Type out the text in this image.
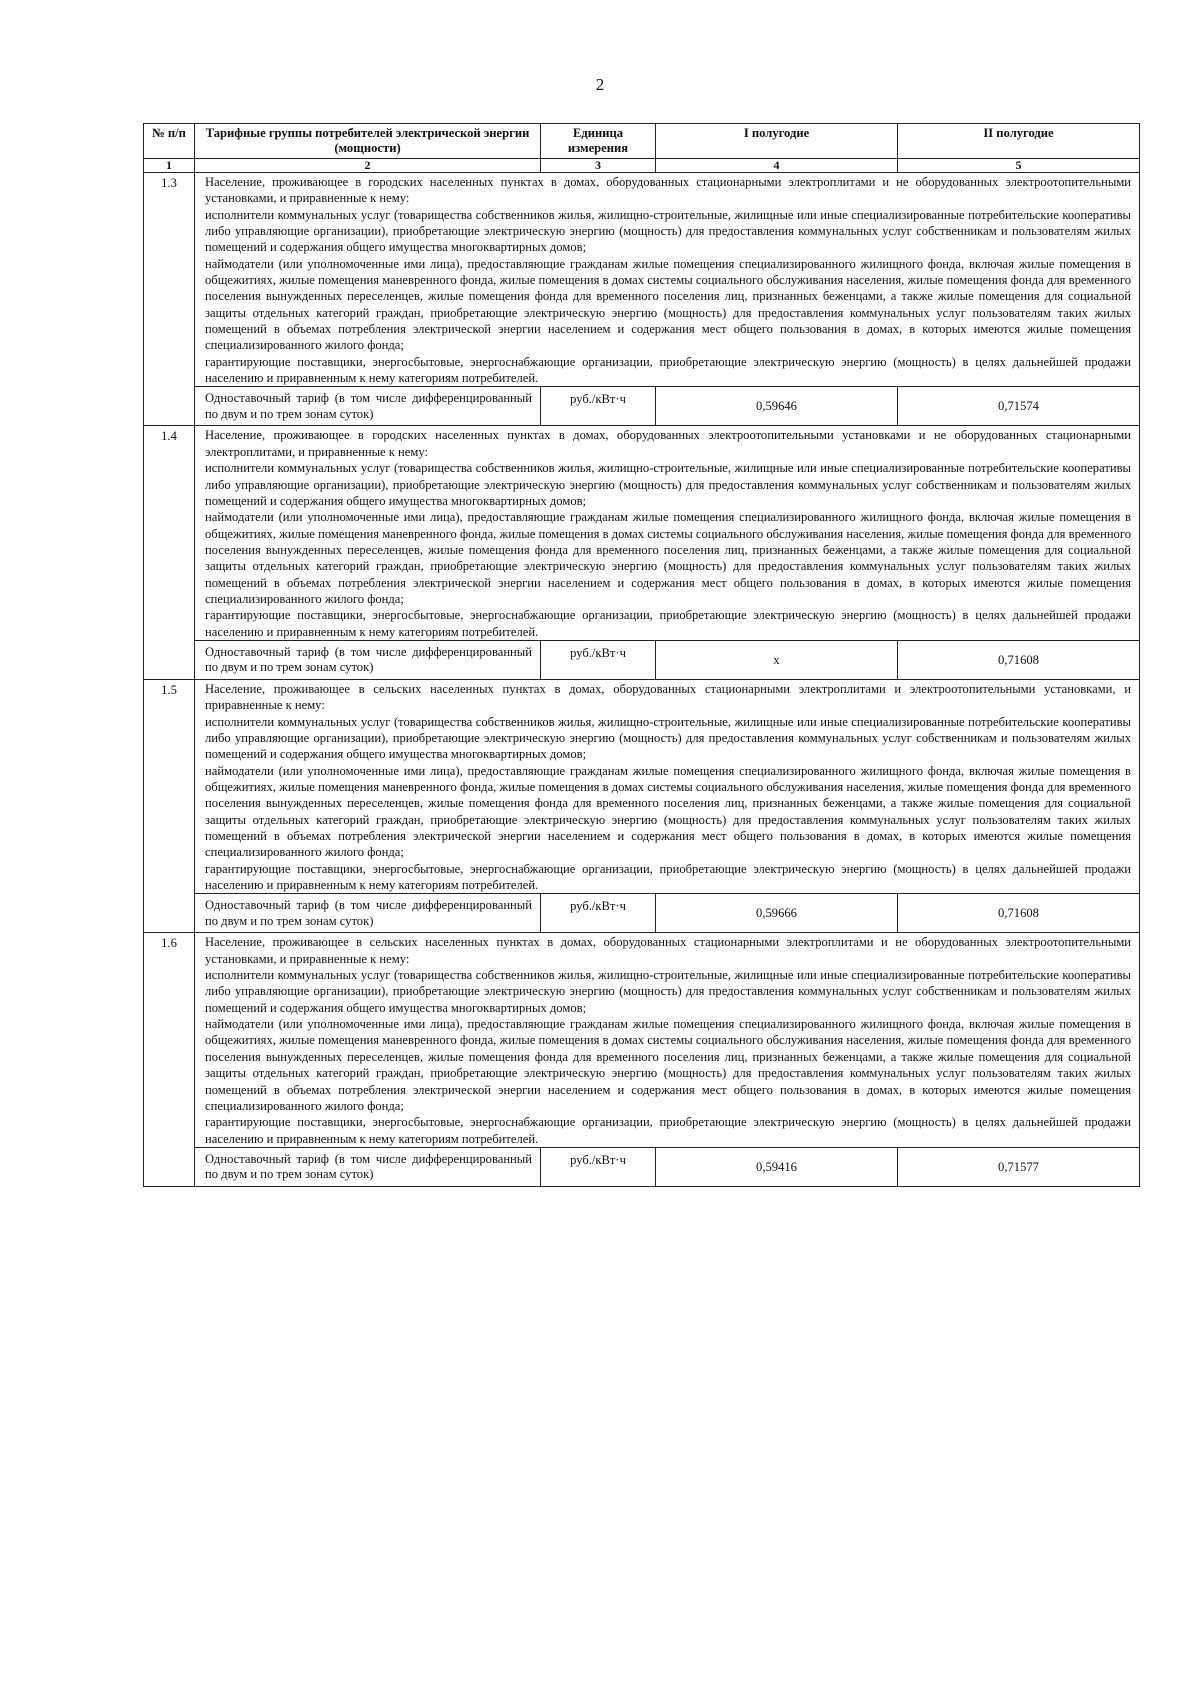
2
№ п/п	Тарифные группы потребителей электрической энергии (мощности)	Единица измерения	I полугодие	II полугодие
1	2	3	4	5
1.3	Население, проживающее в городских населенных пунктах в домах, оборудованных стационарными электроплитами и не оборудованных электроотопительными установками, и приравненные к нему:

исполнители коммунальных услуг (товарищества собственников жилья, жилищно-строительные, жилищные или иные специализированные потребительские кооперативы либо управляющие организации), приобретающие электрическую энергию (мощность) для предоставления коммунальных услуг собственникам и пользователям жилых помещений и содержания общего имущества многоквартирных домов;

наймодатели (или уполномоченные ими лица), предоставляющие гражданам жилые помещения специализированного жилищного фонда, включая жилые помещения в общежитиях, жилые помещения маневренного фонда, жилые помещения в домах системы социального обслуживания населения, жилые помещения фонда для временного поселения вынужденных переселенцев, жилые помещения фонда для временного поселения лиц, признанных беженцами, а также жилые помещения для социальной защиты отдельных категорий граждан, приобретающие электрическую энергию (мощность) для предоставления коммунальных услуг пользователям таких жилых помещений в объемах потребления электрической энергии населением и содержания мест общего пользования в домах, в которых имеются жилые помещения специализированного жилого фонда;

гарантирующие поставщики, энергосбытовые, энергоснабжающие организации, приобретающие электрическую энергию (мощность) в целях дальнейшей продажи населению и приравненным к нему категориям потребителей.			

	Одноставочный тариф (в том числе дифференцированный по двум и по трем зонам суток)	руб./кВт·ч	0,59646	0,71574
1.4	Население, проживающее в городских населенных пунктах в домах, оборудованных электроотопительными установками и не оборудованных стационарными электроплитами, и приравненные к нему:

исполнители коммунальных услуг (товарищества собственников жилья, жилищно-строительные, жилищные или иные специализированные потребительские кооперативы либо управляющие организации), приобретающие электрическую энергию (мощность) для предоставления коммунальных услуг собственникам и пользователям жилых помещений и содержания общего имущества многоквартирных домов;

наймодатели (или уполномоченные ими лица), предоставляющие гражданам жилые помещения специализированного жилищного фонда, включая жилые помещения в общежитиях, жилые помещения маневренного фонда, жилые помещения в домах системы социального обслуживания населения, жилые помещения фонда для временного поселения вынужденных переселенцев, жилые помещения фонда для временного поселения лиц, признанных беженцами, а также жилые помещения для социальной защиты отдельных категорий граждан, приобретающие электрическую энергию (мощность) для предоставления коммунальных услуг пользователям таких жилых помещений в объемах потребления электрической энергии населением и содержания мест общего пользования в домах, в которых имеются жилые помещения специализированного жилого фонда;

гарантирующие поставщики, энергосбытовые, энергоснабжающие организации, приобретающие электрическую энергию (мощность) в целях дальнейшей продажи населению и приравненным к нему категориям потребителей.			

	Одноставочный тариф (в том числе дифференцированный по двум и по трем зонам суток)	руб./кВт·ч	x	0,71608
1.5	Население, проживающее в сельских населенных пунктах в домах, оборудованных стационарными электроплитами и электроотопительными установками, и приравненные к нему:

исполнители коммунальных услуг (товарищества собственников жилья, жилищно-строительные, жилищные или иные специализированные потребительские кооперативы либо управляющие организации), приобретающие электрическую энергию (мощность) для предоставления коммунальных услуг собственникам и пользователям жилых помещений и содержания общего имущества многоквартирных домов;

наймодатели (или уполномоченные ими лица), предоставляющие гражданам жилые помещения специализированного жилищного фонда, включая жилые помещения в общежитиях, жилые помещения маневренного фонда, жилые помещения в домах системы социального обслуживания населения, жилые помещения фонда для временного поселения вынужденных переселенцев, жилые помещения фонда для временного поселения лиц, признанных беженцами, а также жилые помещения для социальной защиты отдельных категорий граждан, приобретающие электрическую энергию (мощность) для предоставления коммунальных услуг пользователям таких жилых помещений в объемах потребления электрической энергии населением и содержания мест общего пользования в домах, в которых имеются жилые помещения специализированного жилого фонда;

гарантирующие поставщики, энергосбытовые, энергоснабжающие организации, приобретающие электрическую энергию (мощность) в целях дальнейшей продажи населению и приравненным к нему категориям потребителей.			

	Одноставочный тариф (в том числе дифференцированный по двум и по трем зонам суток)	руб./кВт·ч	0,59666	0,71608
1.6	Население, проживающее в сельских населенных пунктах в домах, оборудованных стационарными электроплитами и не оборудованных электроотопительными установками, и приравненные к нему:

исполнители коммунальных услуг (товарищества собственников жилья, жилищно-строительные, жилищные или иные специализированные потребительские кооперативы либо управляющие организации), приобретающие электрическую энергию (мощность) для предоставления коммунальных услуг собственникам и пользователям жилых помещений и содержания общего имущества многоквартирных домов;

наймодатели (или уполномоченные ими лица), предоставляющие гражданам жилые помещения специализированного жилищного фонда, включая жилые помещения в общежитиях, жилые помещения маневренного фонда, жилые помещения в домах системы социального обслуживания населения, жилые помещения фонда для временного поселения вынужденных переселенцев, жилые помещения фонда для временного поселения лиц, признанных беженцами, а также жилые помещения для социальной защиты отдельных категорий граждан, приобретающие электрическую энергию (мощность) для предоставления коммунальных услуг пользователям таких жилых помещений в объемах потребления электрической энергии населением и содержания мест общего пользования в домах, в которых имеются жилые помещения специализированного жилого фонда;

гарантирующие поставщики, энергосбытовые, энергоснабжающие организации, приобретающие электрическую энергию (мощность) в целях дальнейшей продажи населению и приравненным к нему категориям потребителей.			

	Одноставочный тариф (в том числе дифференцированный по двум и по трем зонам суток)	руб./кВт·ч	0,59416	0,71577
